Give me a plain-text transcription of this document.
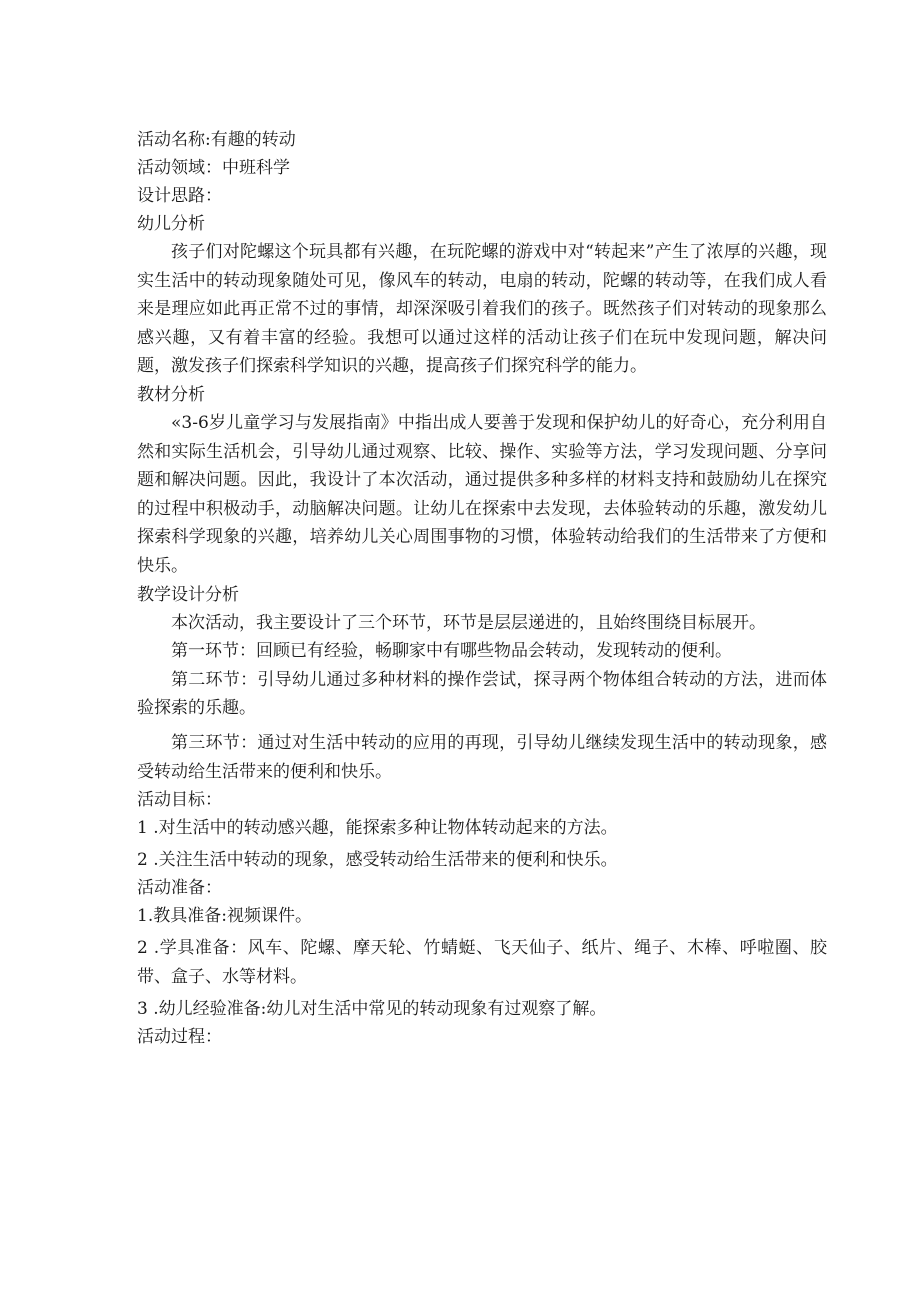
活动名称:有趣的转动

活动领域：中班科学

设计思路：

幼儿分析

孩子们对陀螺这个玩具都有兴趣，在玩陀螺的游戏中对“转起来”产生了浓厚的兴趣，现实生活中的转动现象随处可见，像风车的转动，电扇的转动，陀螺的转动等，在我们成人看来是理应如此再正常不过的事情，却深深吸引着我们的孩子。既然孩子们对转动的现象那么感兴趣，又有着丰富的经验。我想可以通过这样的活动让孩子们在玩中发现问题，解决问题，激发孩子们探索科学知识的兴趣，提高孩子们探究科学的能力。

教材分析

«3-6岁儿童学习与发展指南》中指出成人要善于发现和保护幼儿的好奇心，充分利用自然和实际生活机会，引导幼儿通过观察、比较、操作、实验等方法，学习发现问题、分享问题和解决问题。因此，我设计了本次活动，通过提供多种多样的材料支持和鼓励幼儿在探究的过程中积极动手，动脑解决问题。让幼儿在探索中去发现，去体验转动的乐趣，激发幼儿探索科学现象的兴趣，培养幼儿关心周围事物的习惯，体验转动给我们的生活带来了方便和快乐。

教学设计分析

本次活动，我主要设计了三个环节，环节是层层递进的，且始终围绕目标展开。

第一环节：回顾已有经验，畅聊家中有哪些物品会转动，发现转动的便利。

第二环节：引导幼儿通过多种材料的操作尝试，探寻两个物体组合转动的方法，进而体验探索的乐趣。

第三环节：通过对生活中转动的应用的再现，引导幼儿继续发现生活中的转动现象，感受转动给生活带来的便利和快乐。

活动目标：

1 .对生活中的转动感兴趣，能探索多种让物体转动起来的方法。

2 .关注生活中转动的现象，感受转动给生活带来的便利和快乐。

活动准备：

1.教具准备:视频课件。

2 .学具准备：风车、陀螺、摩天轮、竹蜻蜓、飞天仙子、纸片、绳子、木棒、呼啦圈、胶带、盒子、水等材料。

3 .幼儿经验准备:幼儿对生活中常见的转动现象有过观察了解。

活动过程：
